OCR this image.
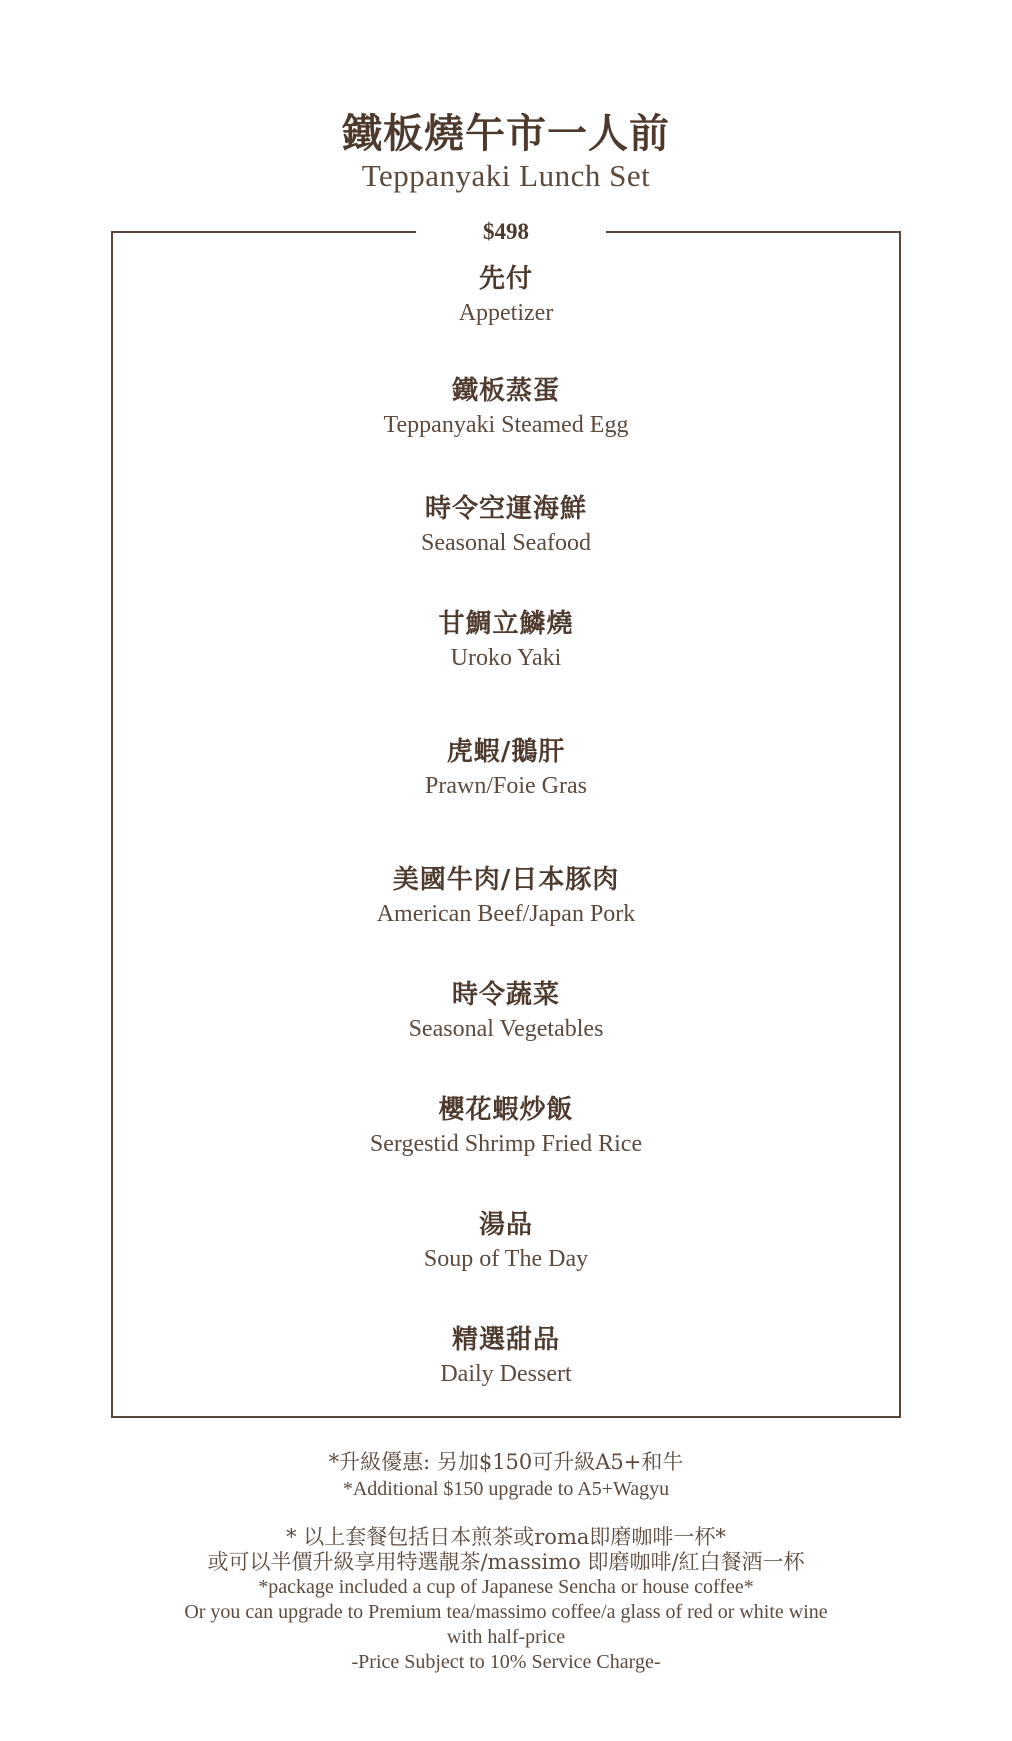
鐵板燒午市一人前
Teppanyaki Lunch Set
$498
先付
Appetizer
鐵板蒸蛋
Teppanyaki Steamed Egg
時令空運海鮮
Seasonal Seafood
甘鯛立鱗燒
Uroko Yaki
虎蝦/鵝肝
Prawn/Foie Gras
美國牛肉/日本豚肉
American Beef/Japan Pork
時令蔬菜
Seasonal Vegetables
櫻花蝦炒飯
Sergestid Shrimp Fried Rice
湯品
Soup of The Day
精選甜品
Daily Dessert
*升級優惠: 另加$150可升級A5+和牛
*Additional $150 upgrade to A5+Wagyu
* 以上套餐包括日本煎茶或roma即磨咖啡一杯*
或可以半價升級享用特選靚茶/massimo 即磨咖啡/紅白餐酒一杯
*package included a cup of Japanese Sencha or house coffee*
Or you can upgrade to Premium tea/massimo coffee/a glass of red or white wine
with half-price
-Price Subject to 10% Service Charge-
